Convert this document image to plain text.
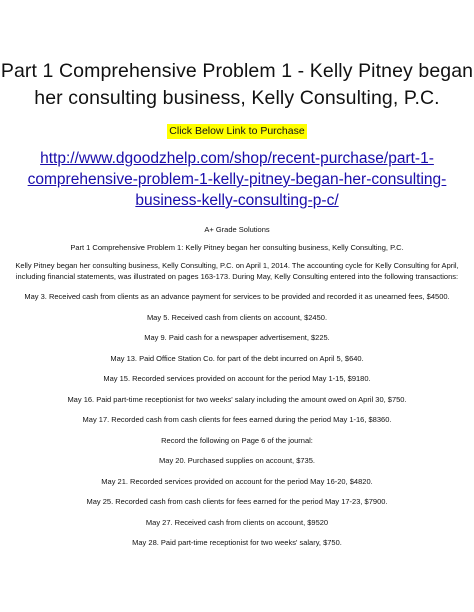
Part 1 Comprehensive Problem 1 - Kelly Pitney began her consulting business, Kelly Consulting, P.C.
Click Below Link to Purchase
http://www.dgoodzhelp.com/shop/recent-purchase/part-1-comprehensive-problem-1-kelly-pitney-began-her-consulting-business-kelly-consulting-p-c/
A+ Grade Solutions
Part 1 Comprehensive Problem 1: Kelly Pitney began her consulting business, Kelly Consulting, P.C.
Kelly Pitney began her consulting business, Kelly Consulting, P.C. on April 1, 2014. The accounting cycle for Kelly Consulting for April, including financial statements, was illustrated on pages 163-173. During May, Kelly Consulting entered into the following transactions:
May 3. Received cash from clients as an advance payment for services to be provided and recorded it as unearned fees, $4500.
May 5. Received cash from clients on account, $2450.
May 9. Paid cash for a newspaper advertisement, $225.
May 13. Paid Office Station Co. for part of the debt incurred on April 5, $640.
May 15. Recorded services provided on account for the period May 1-15, $9180.
May 16. Paid part-time receptionist for two weeks' salary including the amount owed on April 30, $750.
May 17. Recorded cash from cash clients for fees earned during the period May 1-16, $8360.
Record the following on Page 6 of the journal:
May 20. Purchased supplies on account, $735.
May 21. Recorded services provided on account for the period May 16-20, $4820.
May 25. Recorded cash from cash clients for fees earned for the period May 17-23, $7900.
May 27. Received cash from clients on account, $9520
May 28. Paid part-time receptionist for two weeks' salary, $750.
